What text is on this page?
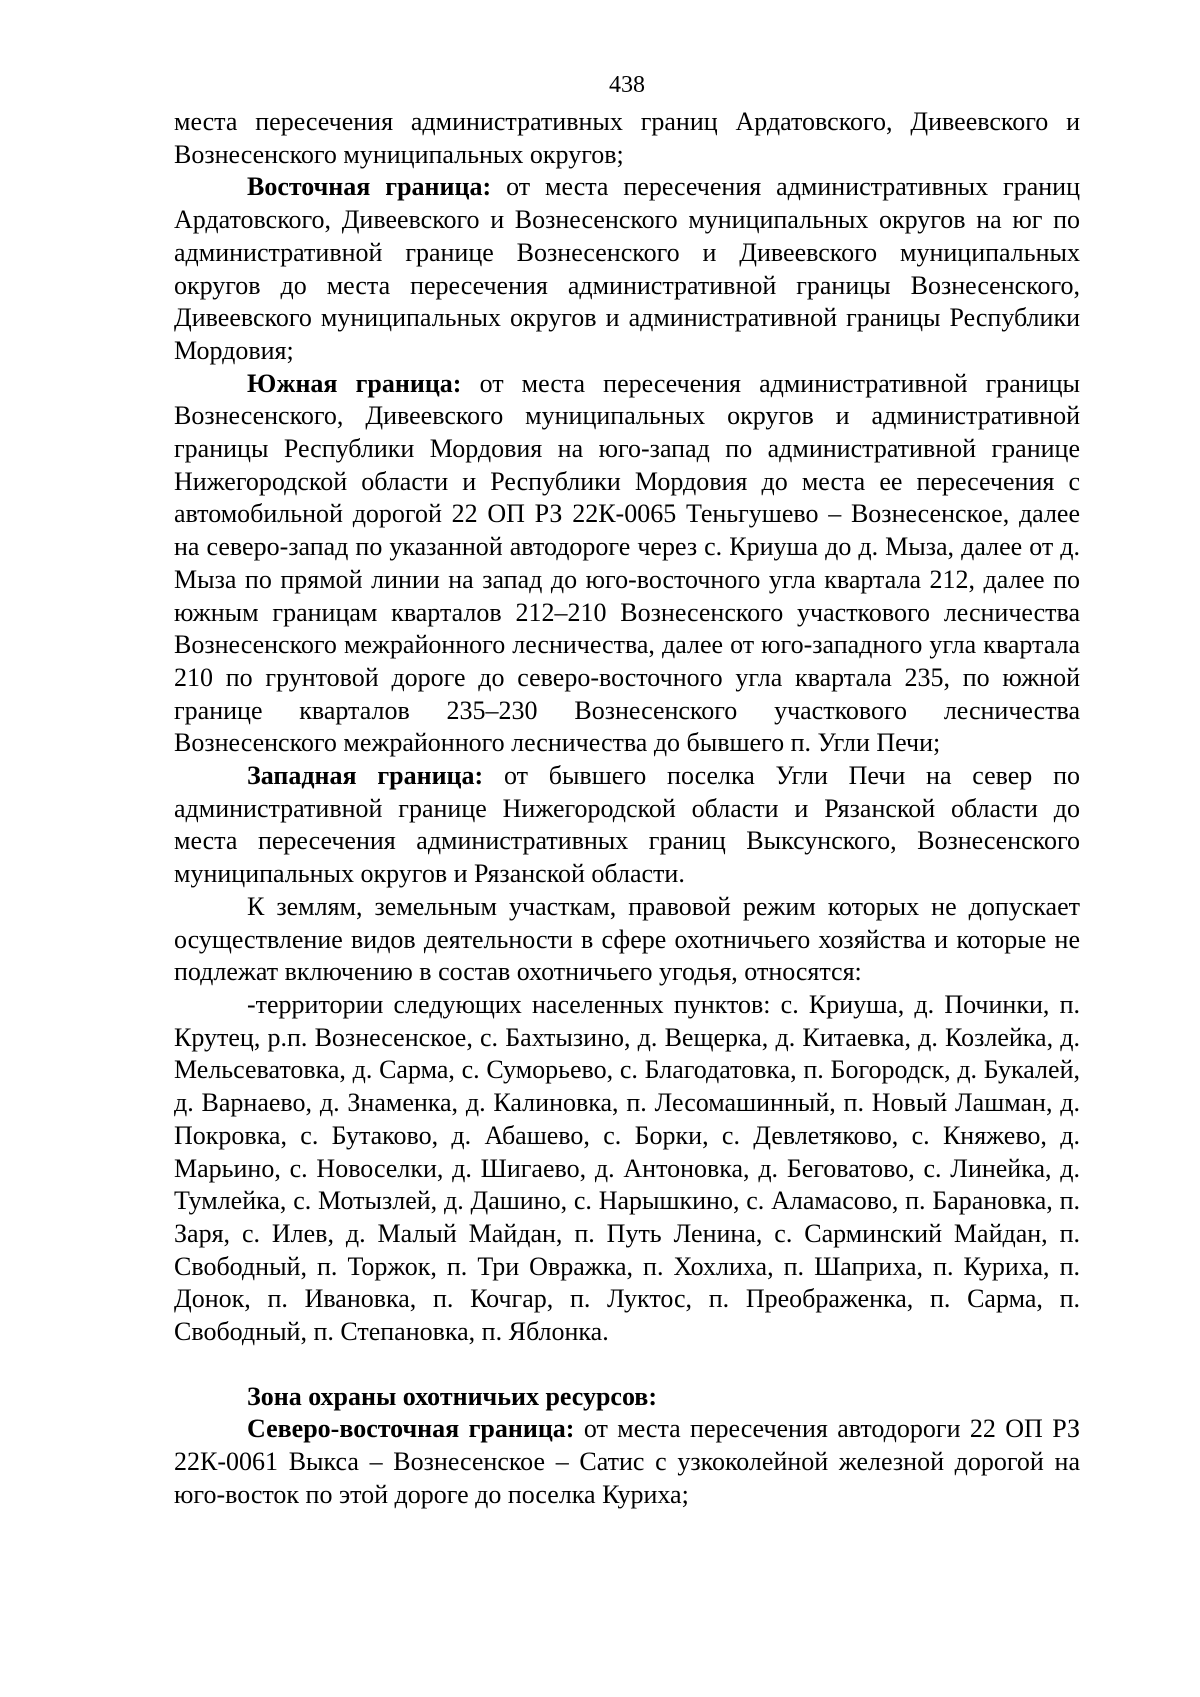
438

места пересечения административных границ Ардатовского, Дивеевского и Вознесенского муниципальных округов;

Восточная граница: от места пересечения административных границ Ардатовского, Дивеевского и Вознесенского муниципальных округов на юг по административной границе Вознесенского и Дивеевского муниципальных округов до места пересечения административной границы Вознесенского, Дивеевского муниципальных округов и административной границы Республики Мордовия;

Южная граница: от места пересечения административной границы Вознесенского, Дивеевского муниципальных округов и административной границы Республики Мордовия на юго-запад по административной границе Нижегородской области и Республики Мордовия до места ее пересечения с автомобильной дорогой 22 ОП РЗ 22К-0065 Теньгушево – Вознесенское, далее на северо-запад по указанной автодороге через с. Криуша до д. Мыза, далее от д. Мыза по прямой линии на запад до юго-восточного угла квартала 212, далее по южным границам кварталов 212–210 Вознесенского участкового лесничества Вознесенского межрайонного лесничества, далее от юго-западного угла квартала 210 по грунтовой дороге до северо-восточного угла квартала 235, по южной границе кварталов 235–230 Вознесенского участкового лесничества Вознесенского межрайонного лесничества до бывшего п. Угли Печи;

Западная граница: от бывшего поселка Угли Печи на север по административной границе Нижегородской области и Рязанской области до места пересечения административных границ Выксунского, Вознесенского муниципальных округов и Рязанской области.

К землям, земельным участкам, правовой режим которых не допускает осуществление видов деятельности в сфере охотничьего хозяйства и которые не подлежат включению в состав охотничьего угодья, относятся:

-территории следующих населенных пунктов: с. Криуша, д. Починки, п. Крутец, р.п. Вознесенское, с. Бахтызино, д. Вещерка, д. Китаевка, д. Козлейка, д. Мельсеватовка, д. Сарма, с. Суморьево, с. Благодатовка, п. Богородск, д. Букалей, д. Варнаево, д. Знаменка, д. Калиновка, п. Лесомашинный, п. Новый Лашман, д. Покровка, с. Бутаково, д. Абашево, с. Борки, с. Девлетяково, с. Княжево, д. Марьино, с. Новоселки, д. Шигаево, д. Антоновка, д. Беговатово, с. Линейка, д. Тумлейка, с. Мотызлей, д. Дашино, с. Нарышкино, с. Аламасово, п. Барановка, п. Заря, с. Илев, д. Малый Майдан, п. Путь Ленина, с. Сарминский Майдан, п. Свободный, п. Торжок, п. Три Овражка, п. Хохлиха, п. Шаприха, п. Куриха, п. Донок, п. Ивановка, п. Кочгар, п. Луктос, п. Преображенка, п. Сарма, п. Свободный, п. Степановка, п. Яблонка.

Зона охраны охотничьих ресурсов:

Северо-восточная граница: от места пересечения автодороги 22 ОП РЗ 22К-0061 Выкса – Вознесенское – Сатис с узкоколейной железной дорогой на юго-восток по этой дороге до поселка Куриха;
